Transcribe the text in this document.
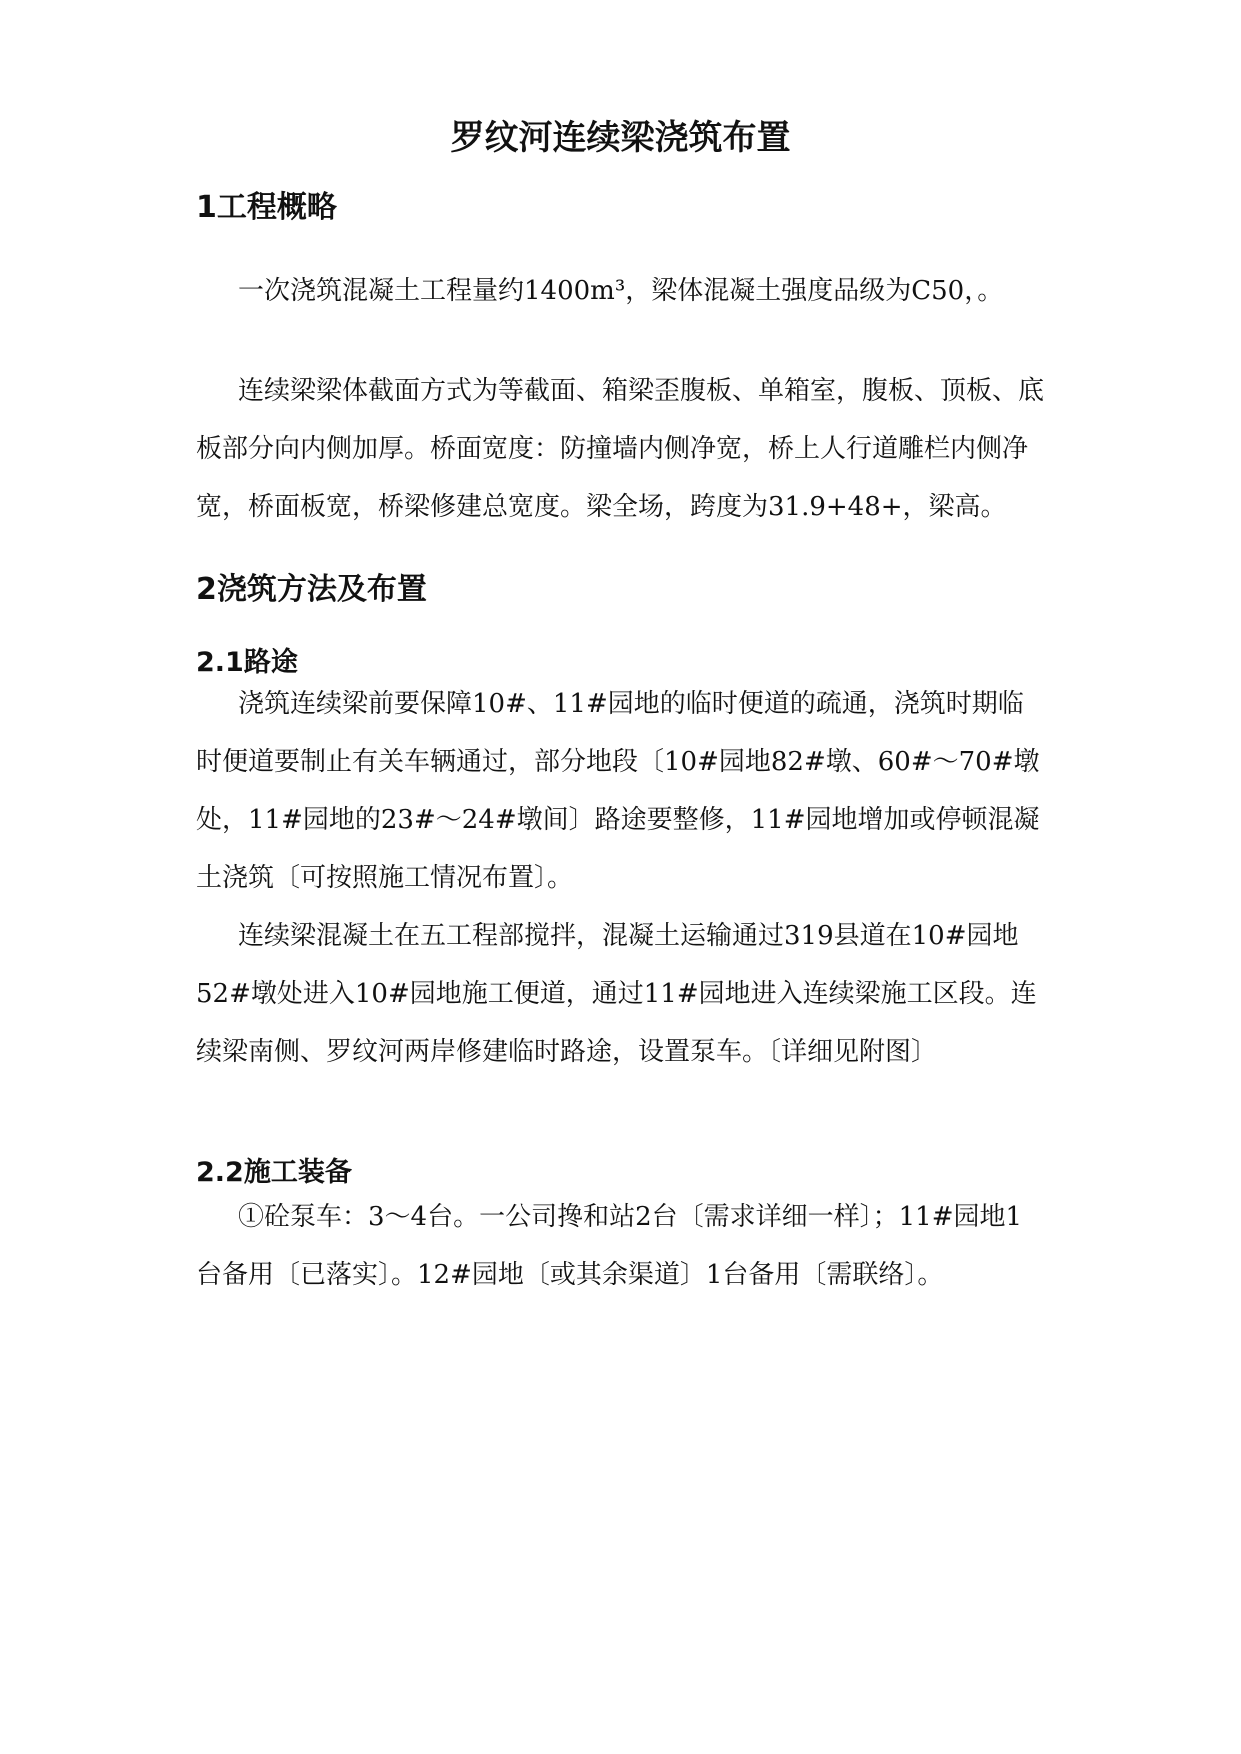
罗纹河连续梁浇筑布置
1工程概略

一次浇筑混凝土工程量约1400m³，梁体混凝土强度品级为C50，。

连续梁梁体截面方式为等截面、箱梁歪腹板、单箱室，腹板、顶板、底板部分向内侧加厚。桥面宽度：防撞墙内侧净宽，桥上人行道雕栏内侧净宽，桥面板宽，桥梁修建总宽度。梁全场，跨度为31.9+48+，梁高。

2浇筑方法及布置
2.1路途

浇筑连续梁前要保障10#、11#园地的临时便道的疏通，浇筑时期临时便道要制止有关车辆通过，部分地段〔10#园地82#墩、60#～70#墩处，11#园地的23#～24#墩间〕路途要整修，11#园地增加或停顿混凝土浇筑〔可按照施工情况布置〕。

连续梁混凝土在五工程部搅拌，混凝土运输通过319县道在10#园地52#墩处进入10#园地施工便道，通过11#园地进入连续梁施工区段。连续梁南侧、罗纹河两岸修建临时路途，设置泵车。〔详细见附图〕

2.2施工装备

①砼泵车：3～4台。一公司搀和站2台〔需求详细一样〕；11#园地1台备用〔已落实〕。12#园地〔或其余渠道〕1台备用〔需联络〕。
